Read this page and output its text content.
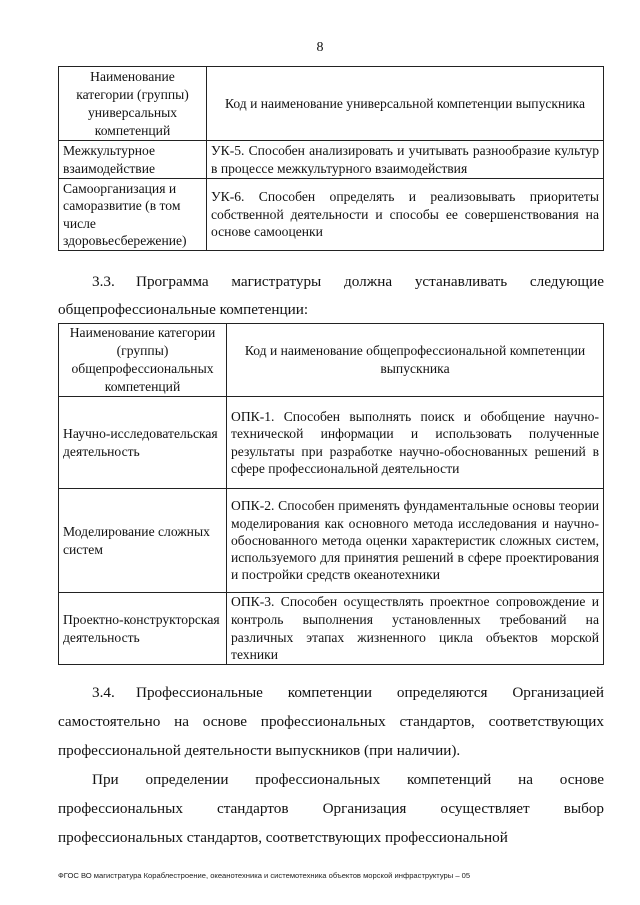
8
Наименование категории (группы) универсальных компетенций	Код и наименование универсальной компетенции выпускника
Межкультурное взаимодействие	УК-5. Способен анализировать и учитывать разнообразие культур в процессе межкультурного взаимодействия
Самоорганизация и саморазвитие (в том числе здоровьесбережение)	УК-6. Способен определять и реализовывать приоритеты собственной деятельности и способы ее совершенствования на основе самооценки
3.3. Программа магистратуры должна устанавливать следующие общепрофессиональные компетенции:
Наименование категории (группы) общепрофессиональных компетенций	Код и наименование общепрофессиональной компетенции выпускника
Научно-исследовательская деятельность	ОПК-1. Способен выполнять поиск и обобщение научно-технической информации и использовать полученные результаты при разработке научно-обоснованных решений в сфере профессиональной деятельности
Моделирование сложных систем	ОПК-2. Способен применять фундаментальные основы теории моделирования как основного метода исследования и научно-обоснованного метода оценки характеристик сложных систем, используемого для принятия решений в сфере проектирования и постройки средств океанотехники
Проектно-конструкторская деятельность	ОПК-3. Способен осуществлять проектное сопровождение и контроль выполнения установленных требований на различных этапах жизненного цикла объектов морской техники
3.4. Профессиональные компетенции определяются Организацией самостоятельно на основе профессиональных стандартов, соответствующих профессиональной деятельности выпускников (при наличии).
При определении профессиональных компетенций на основе профессиональных стандартов Организация осуществляет выбор профессиональных стандартов, соответствующих профессиональной
ФГОС ВО магистратура Кораблестроение, океанотехника и системотехника объектов морской инфраструктуры – 05
